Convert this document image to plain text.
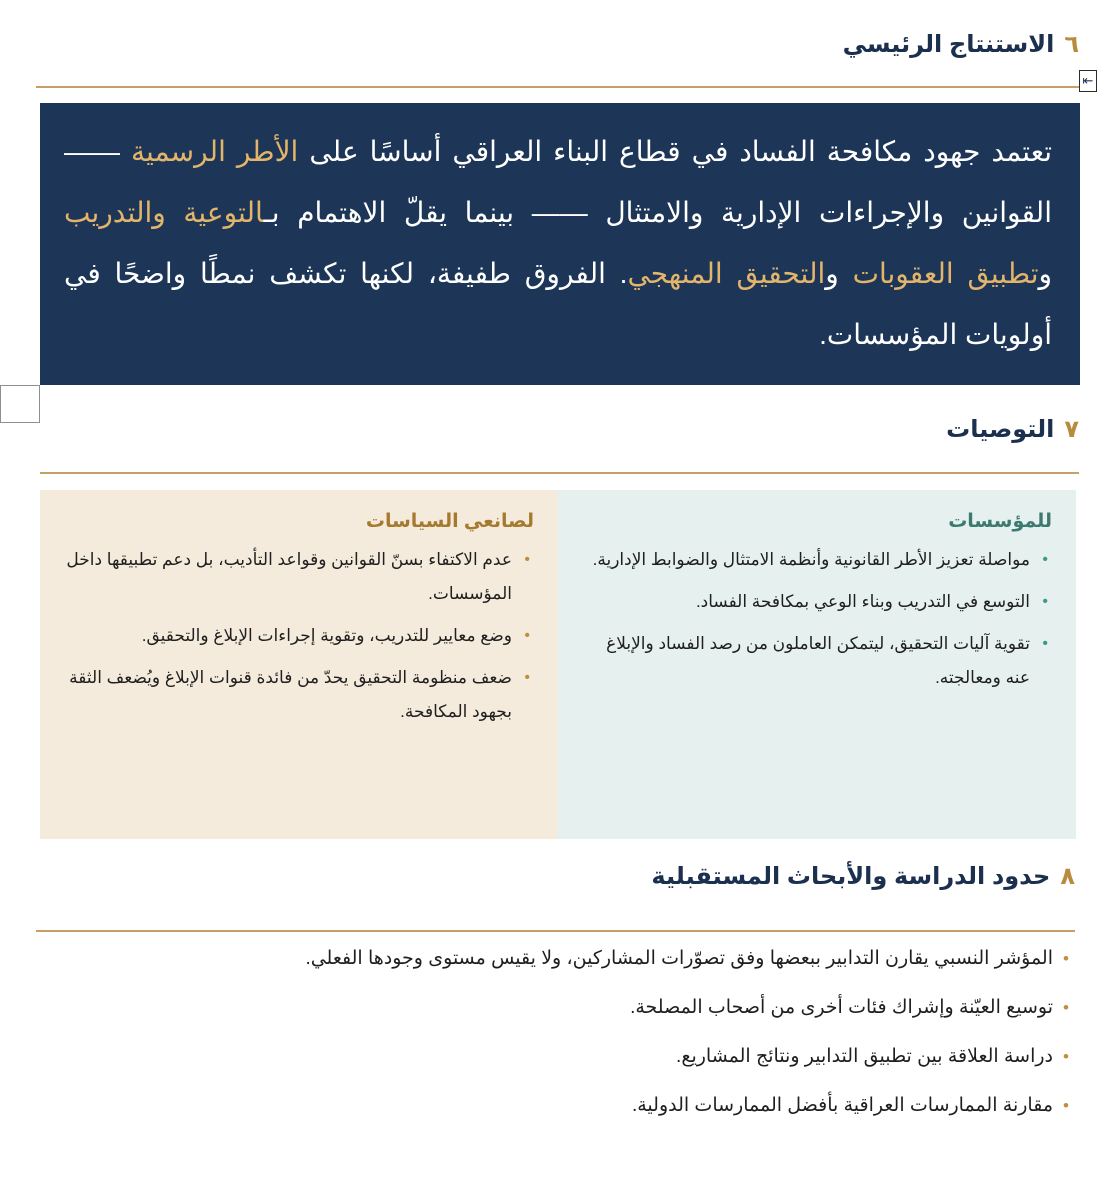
٦
الاستنتاج الرئيسي
⇤
تعتمد جهود مكافحة الفساد في قطاع البناء العراقي أساسًا على الأطر الرسمية —— القوانين والإجراءات الإدارية والامتثال —— بينما يقلّ الاهتمام بـالتوعية والتدريب وتطبيق العقوبات والتحقيق المنهجي. الفروق طفيفة، لكنها تكشف نمطًا واضحًا في أولويات المؤسسات.
٧
التوصيات
للمؤسسات
• مواصلة تعزيز الأطر القانونية وأنظمة الامتثال والضوابط الإدارية.
• التوسع في التدريب وبناء الوعي بمكافحة الفساد.
• تقوية آليات التحقيق، ليتمكن العاملون من رصد الفساد والإبلاغ عنه ومعالجته.
لصانعي السياسات
• عدم الاكتفاء بسنّ القوانين وقواعد التأديب، بل دعم تطبيقها داخل المؤسسات.
• وضع معايير للتدريب، وتقوية إجراءات الإبلاغ والتحقيق.
• ضعف منظومة التحقيق يحدّ من فائدة قنوات الإبلاغ ويُضعف الثقة بجهود المكافحة.
٨
حدود الدراسة والأبحاث المستقبلية
• المؤشر النسبي يقارن التدابير ببعضها وفق تصوّرات المشاركين، ولا يقيس مستوى وجودها الفعلي.
• توسيع العيّنة وإشراك فئات أخرى من أصحاب المصلحة.
• دراسة العلاقة بين تطبيق التدابير ونتائج المشاريع.
• مقارنة الممارسات العراقية بأفضل الممارسات الدولية.
